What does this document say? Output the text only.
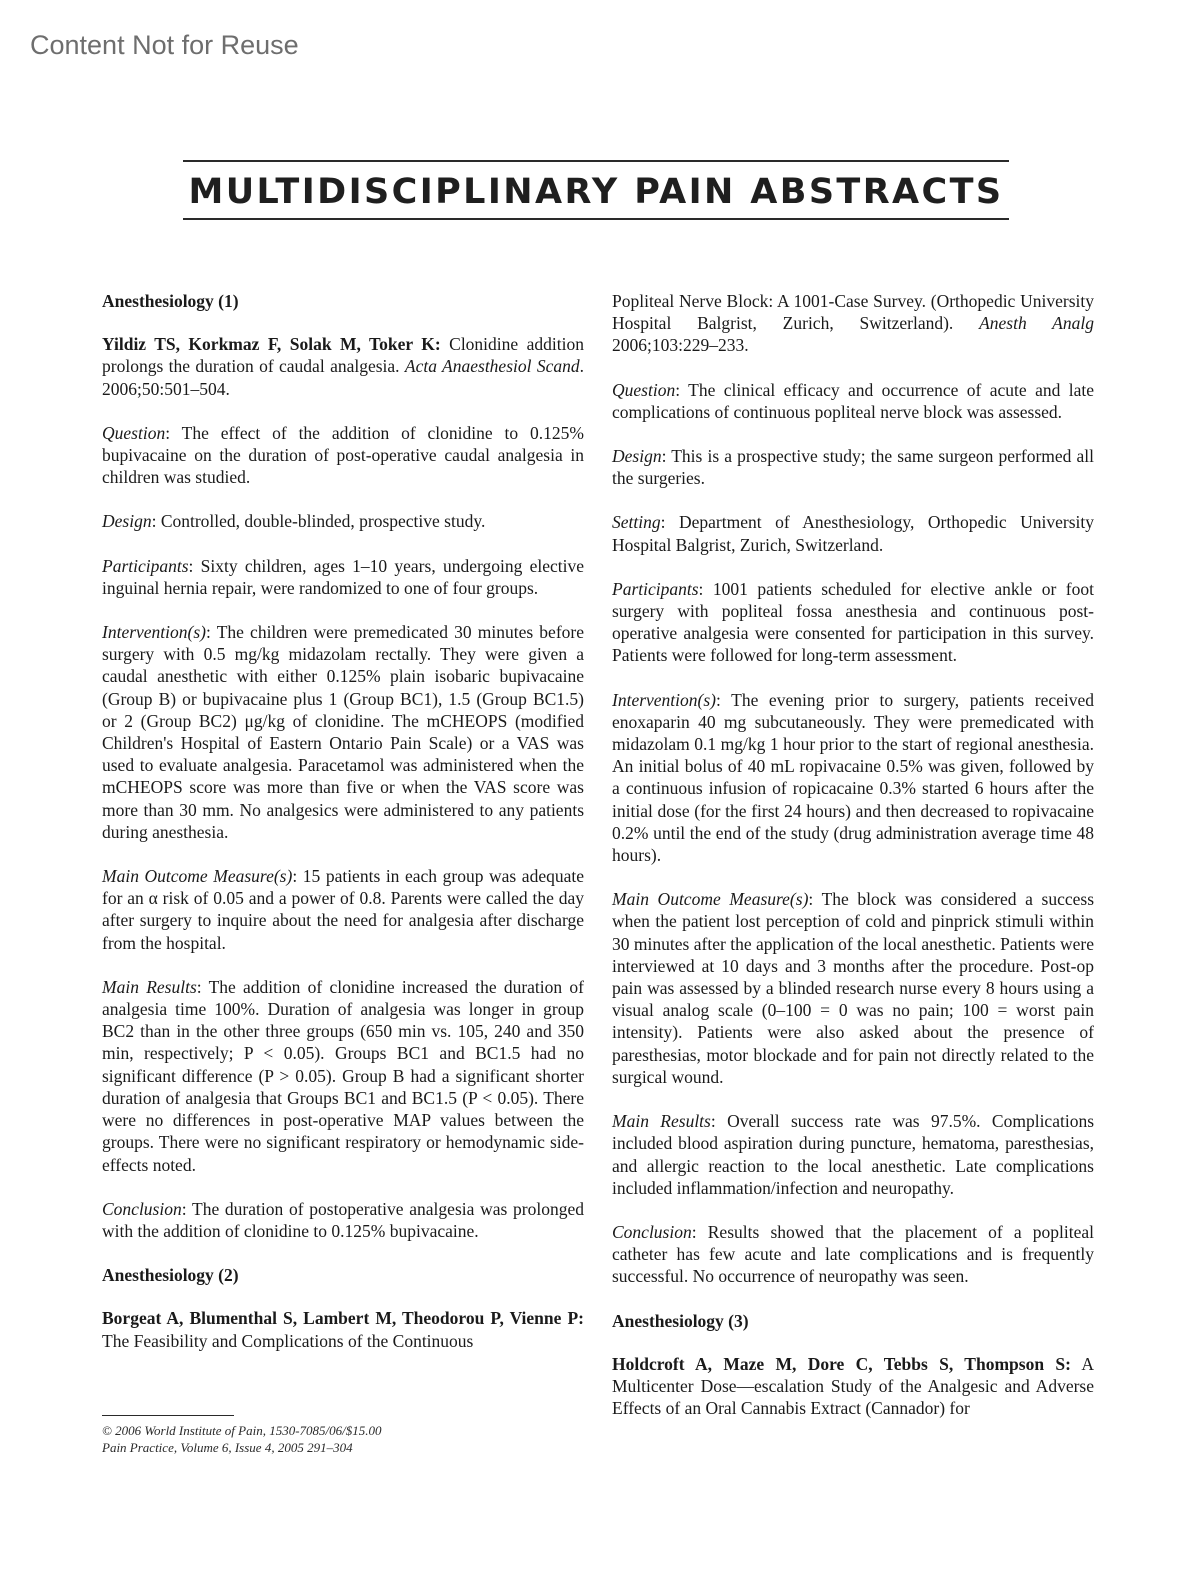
Content Not for Reuse
MULTIDISCIPLINARY PAIN ABSTRACTS
Anesthesiology (1)

Yildiz TS, Korkmaz F, Solak M, Toker K: Clonidine addition prolongs the duration of caudal analgesia. Acta Anaesthesiol Scand. 2006;50:501–504.

Question: The effect of the addition of clonidine to 0.125% bupivacaine on the duration of post-operative caudal analgesia in children was studied.

Design: Controlled, double-blinded, prospective study.

Participants: Sixty children, ages 1–10 years, undergoing elective inguinal hernia repair, were randomized to one of four groups.

Intervention(s): The children were premedicated 30 minutes before surgery with 0.5 mg/kg midazolam rectally. They were given a caudal anesthetic with either 0.125% plain isobaric bupivacaine (Group B) or bupivacaine plus 1 (Group BC1), 1.5 (Group BC1.5) or 2 (Group BC2) μg/kg of clonidine. The mCHEOPS (modified Children's Hospital of Eastern Ontario Pain Scale) or a VAS was used to evaluate analgesia. Paracetamol was administered when the mCHEOPS score was more than five or when the VAS score was more than 30 mm. No analgesics were administered to any patients during anesthesia.

Main Outcome Measure(s): 15 patients in each group was adequate for an α risk of 0.05 and a power of 0.8. Parents were called the day after surgery to inquire about the need for analgesia after discharge from the hospital.

Main Results: The addition of clonidine increased the duration of analgesia time 100%. Duration of analgesia was longer in group BC2 than in the other three groups (650 min vs. 105, 240 and 350 min, respectively; P < 0.05). Groups BC1 and BC1.5 had no significant difference (P > 0.05). Group B had a significant shorter duration of analgesia that Groups BC1 and BC1.5 (P < 0.05). There were no differences in post-operative MAP values between the groups. There were no significant respiratory or hemodynamic side-effects noted.

Conclusion: The duration of postoperative analgesia was prolonged with the addition of clonidine to 0.125% bupivacaine.

Anesthesiology (2)

Borgeat A, Blumenthal S, Lambert M, Theodorou P, Vienne P: The Feasibility and Complications of the Continuous

Popliteal Nerve Block: A 1001-Case Survey. (Orthopedic University Hospital Balgrist, Zurich, Switzerland). Anesth Analg 2006;103:229–233.

Question: The clinical efficacy and occurrence of acute and late complications of continuous popliteal nerve block was assessed.

Design: This is a prospective study; the same surgeon performed all the surgeries.

Setting: Department of Anesthesiology, Orthopedic University Hospital Balgrist, Zurich, Switzerland.

Participants: 1001 patients scheduled for elective ankle or foot surgery with popliteal fossa anesthesia and continuous post-operative analgesia were consented for participation in this survey. Patients were followed for long-term assessment.

Intervention(s): The evening prior to surgery, patients received enoxaparin 40 mg subcutaneously. They were premedicated with midazolam 0.1 mg/kg 1 hour prior to the start of regional anesthesia. An initial bolus of 40 mL ropivacaine 0.5% was given, followed by a continuous infusion of ropicacaine 0.3% started 6 hours after the initial dose (for the first 24 hours) and then decreased to ropivacaine 0.2% until the end of the study (drug administration average time 48 hours).

Main Outcome Measure(s): The block was considered a success when the patient lost perception of cold and pinprick stimuli within 30 minutes after the application of the local anesthetic. Patients were interviewed at 10 days and 3 months after the procedure. Post-op pain was assessed by a blinded research nurse every 8 hours using a visual analog scale (0–100 = 0 was no pain; 100 = worst pain intensity). Patients were also asked about the presence of paresthesias, motor blockade and for pain not directly related to the surgical wound.

Main Results: Overall success rate was 97.5%. Complications included blood aspiration during puncture, hematoma, paresthesias, and allergic reaction to the local anesthetic. Late complications included inflammation/infection and neuropathy.

Conclusion: Results showed that the placement of a popliteal catheter has few acute and late complications and is frequently successful. No occurrence of neuropathy was seen.

Anesthesiology (3)

Holdcroft A, Maze M, Dore C, Tebbs S, Thompson S: A Multicenter Dose—escalation Study of the Analgesic and Adverse Effects of an Oral Cannabis Extract (Cannador) for

© 2006 World Institute of Pain, 1530-7085/06/$15.00
Pain Practice, Volume 6, Issue 4, 2005 291–304
